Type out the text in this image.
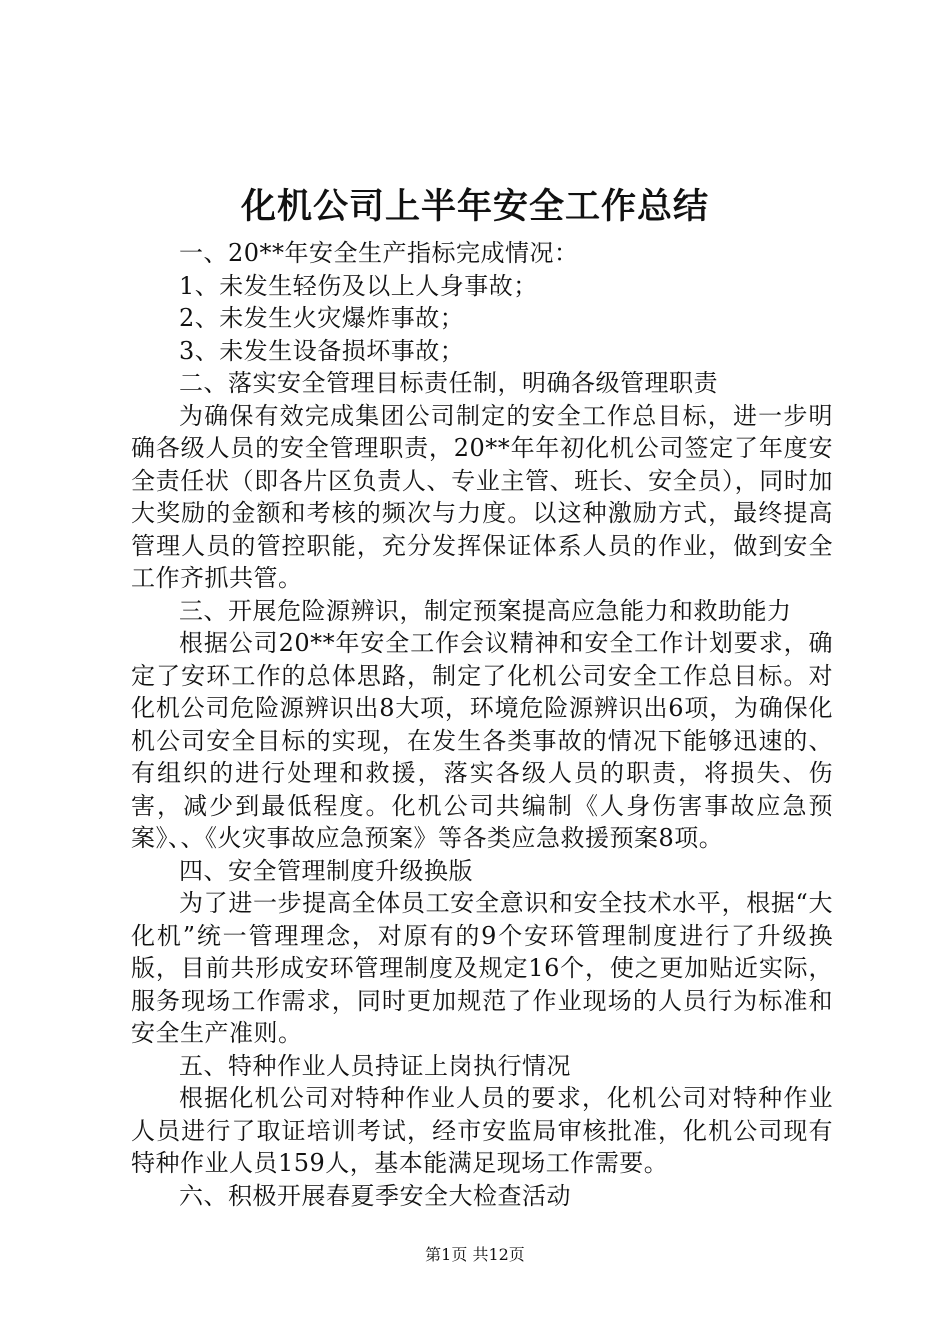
化机公司上半年安全工作总结

一、20**年安全生产指标完成情况：

1、未发生轻伤及以上人身事故；

2、未发生火灾爆炸事故；

3、未发生设备损坏事故；

二、落实安全管理目标责任制，明确各级管理职责

为确保有效完成集团公司制定的安全工作总目标，进一步明确各级人员的安全管理职责，20**年年初化机公司签定了年度安全责任状（即各片区负责人、专业主管、班长、安全员），同时加大奖励的金额和考核的频次与力度。以这种激励方式，最终提高管理人员的管控职能，充分发挥保证体系人员的作业，做到安全工作齐抓共管。

三、开展危险源辨识，制定预案提高应急能力和救助能力

根据公司20**年安全工作会议精神和安全工作计划要求，确定了安环工作的总体思路，制定了化机公司安全工作总目标。对化机公司危险源辨识出8大项，环境危险源辨识出6项，为确保化机公司安全目标的实现，在发生各类事故的情况下能够迅速的、有组织的进行处理和救援，落实各级人员的职责，将损失、伤害，减少到最低程度。化机公司共编制《人身伤害事故应急预案》、、《火灾事故应急预案》等各类应急救援预案8项。

四、安全管理制度升级换版

为了进一步提高全体员工安全意识和安全技术水平，根据“大化机”统一管理理念，对原有的9个安环管理制度进行了升级换版，目前共形成安环管理制度及规定16个，使之更加贴近实际，服务现场工作需求，同时更加规范了作业现场的人员行为标准和安全生产准则。

五、特种作业人员持证上岗执行情况

根据化机公司对特种作业人员的要求，化机公司对特种作业人员进行了取证培训考试，经市安监局审核批准，化机公司现有特种作业人员159人，基本能满足现场工作需要。

六、积极开展春夏季安全大检查活动

第1页 共12页
